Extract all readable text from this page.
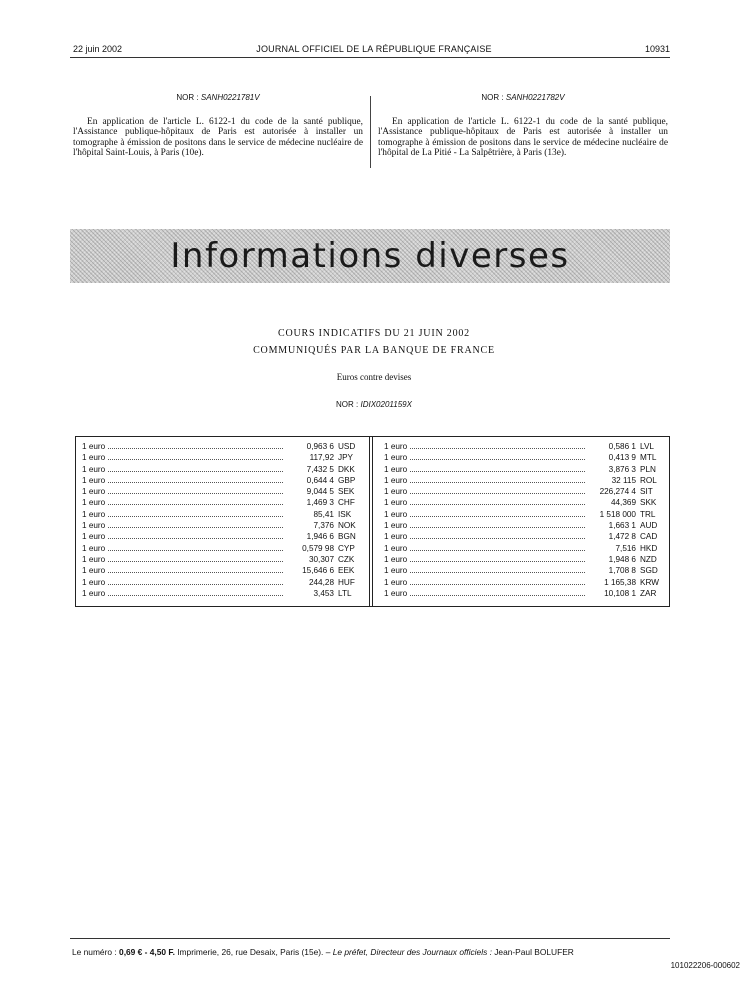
22 juin 2002	JOURNAL OFFICIEL DE LA RÉPUBLIQUE FRANÇAISE	10931
NOR : SANH0221781V

En application de l'article L. 6122-1 du code de la santé publique, l'Assistance publique-hôpitaux de Paris est autorisée à installer un tomographe à émission de positons dans le service de médecine nucléaire de l'hôpital Saint-Louis, à Paris (10e).

NOR : SANH0221782V

En application de l'article L. 6122-1 du code de la santé publique, l'Assistance publique-hôpitaux de Paris est autorisée à installer un tomographe à émission de positons dans le service de médecine nucléaire de l'hôpital de La Pitié - La Salpêtrière, à Paris (13e).

Informations diverses
COURS INDICATIFS DU 21 JUIN 2002
COMMUNIQUÉS PAR LA BANQUE DE FRANCE
Euros contre devises
NOR : IDIX0201159X
1 euro	0,963 6 USD
1 euro	117,92 JPY
1 euro	7,432 5 DKK
1 euro	0,644 4 GBP
1 euro	9,044 5 SEK
1 euro	1,469 3 CHF
1 euro	85,41 ISK
1 euro	7,376 NOK
1 euro	1,946 6 BGN
1 euro	0,579 98 CYP
1 euro	30,307 CZK
1 euro	15,646 6 EEK
1 euro	244,28 HUF
1 euro	3,453 LTL
1 euro	0,586 1 LVL
1 euro	0,413 9 MTL
1 euro	3,876 3 PLN
1 euro	32 115 ROL
1 euro	226,274 4 SIT
1 euro	44,369 SKK
1 euro	1 518 000 TRL
1 euro	1,663 1 AUD
1 euro	1,472 8 CAD
1 euro	7,516 HKD
1 euro	1,948 6 NZD
1 euro	1,708 8 SGD
1 euro	1 165,38 KRW
1 euro	10,108 1 ZAR
Le numéro : 0,69 € - 4,50 F. Imprimerie, 26, rue Desaix, Paris (15e). – Le préfet, Directeur des Journaux officiels : Jean-Paul BOLUFER
101022206-000602
